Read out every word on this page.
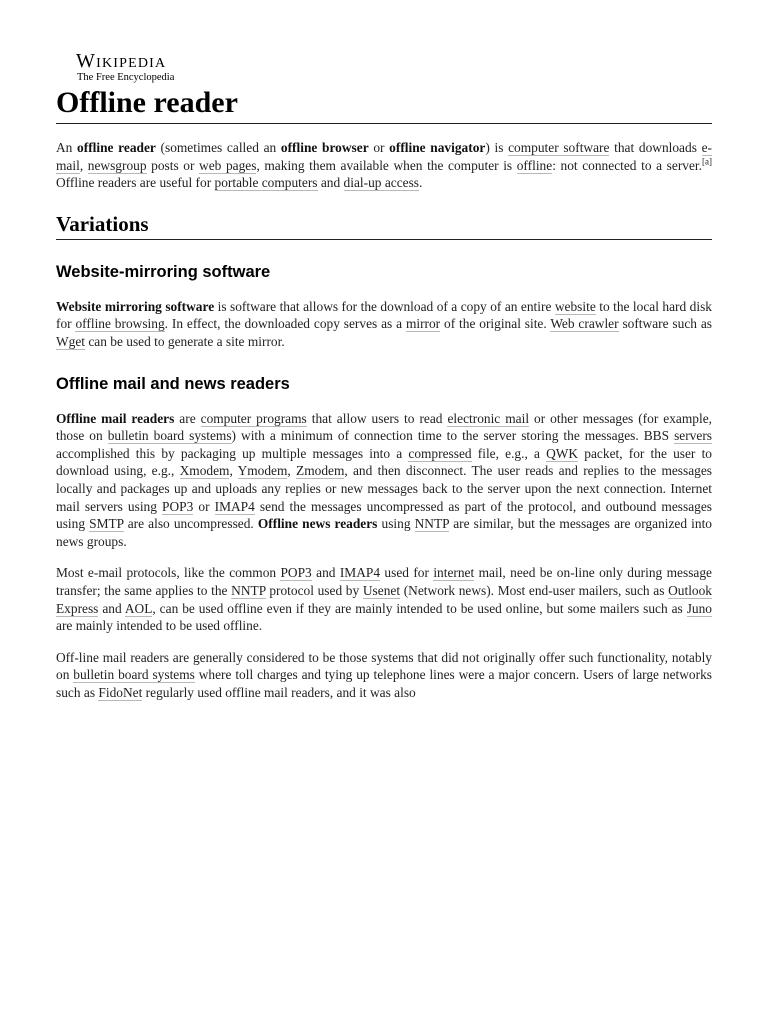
Wikipedia
The Free Encyclopedia
Offline reader

An offline reader (sometimes called an offline browser or offline navigator) is computer software that downloads e-mail, newsgroup posts or web pages, making them available when the computer is offline: not connected to a server.[a] Offline readers are useful for portable computers and dial-up access.

Variations
Website-mirroring software

Website mirroring software is software that allows for the download of a copy of an entire website to the local hard disk for offline browsing. In effect, the downloaded copy serves as a mirror of the original site. Web crawler software such as Wget can be used to generate a site mirror.

Offline mail and news readers

Offline mail readers are computer programs that allow users to read electronic mail or other messages (for example, those on bulletin board systems) with a minimum of connection time to the server storing the messages. BBS servers accomplished this by packaging up multiple messages into a compressed file, e.g., a QWK packet, for the user to download using, e.g., Xmodem, Ymodem, Zmodem, and then disconnect. The user reads and replies to the messages locally and packages up and uploads any replies or new messages back to the server upon the next connection. Internet mail servers using POP3 or IMAP4 send the messages uncompressed as part of the protocol, and outbound messages using SMTP are also uncompressed. Offline news readers using NNTP are similar, but the messages are organized into news groups.

Most e-mail protocols, like the common POP3 and IMAP4 used for internet mail, need be on-line only during message transfer; the same applies to the NNTP protocol used by Usenet (Network news). Most end-user mailers, such as Outlook Express and AOL, can be used offline even if they are mainly intended to be used online, but some mailers such as Juno are mainly intended to be used offline.

Off-line mail readers are generally considered to be those systems that did not originally offer such functionality, notably on bulletin board systems where toll charges and tying up telephone lines were a major concern. Users of large networks such as FidoNet regularly used offline mail readers, and it was also
